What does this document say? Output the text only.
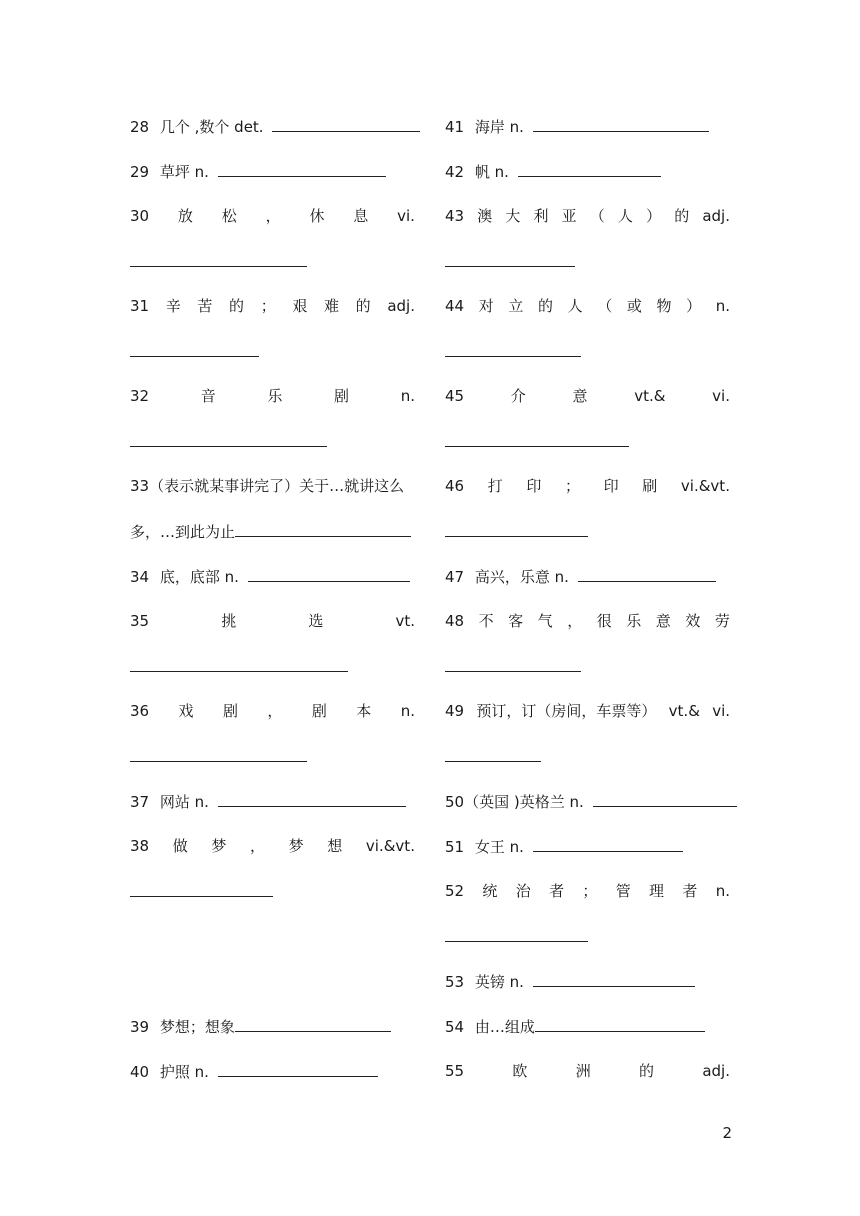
28 几个 ,数个 det.
29 草坪 n.
30 放 松 ， 休 息 vi.
31 辛 苦 的 ； 艰 难 的 adj.
32	音	乐	剧	n.
33（表示就某事讲完了）关于…就讲这么
多，…到此为止
34 底，底部 n.
35	挑	选	vt.
36 戏 剧 ， 剧 本 n.
37 网站 n.
38 做 梦 ， 梦 想 vi.&vt.
39 梦想；想象
40 护照 n.
41 海岸 n.
42 帆 n.
43 澳 大 利 亚 （ 人 ） 的 adj.
44 对 立 的 人 （ 或 物 ） n.
45	介	意	vt.&	vi.
46 打 印 ； 印 刷 vi.&vt.
47 高兴，乐意 n.
48 不 客 气 ， 很 乐 意 效 劳
49 预订，订（房间，车票等） vt.& vi.
50（英国 )英格兰 n.
51 女王 n.
52 统 治 者 ； 管 理 者 n.
53 英镑 n.
54 由…组成
55	欧	洲	的	adj.
2
